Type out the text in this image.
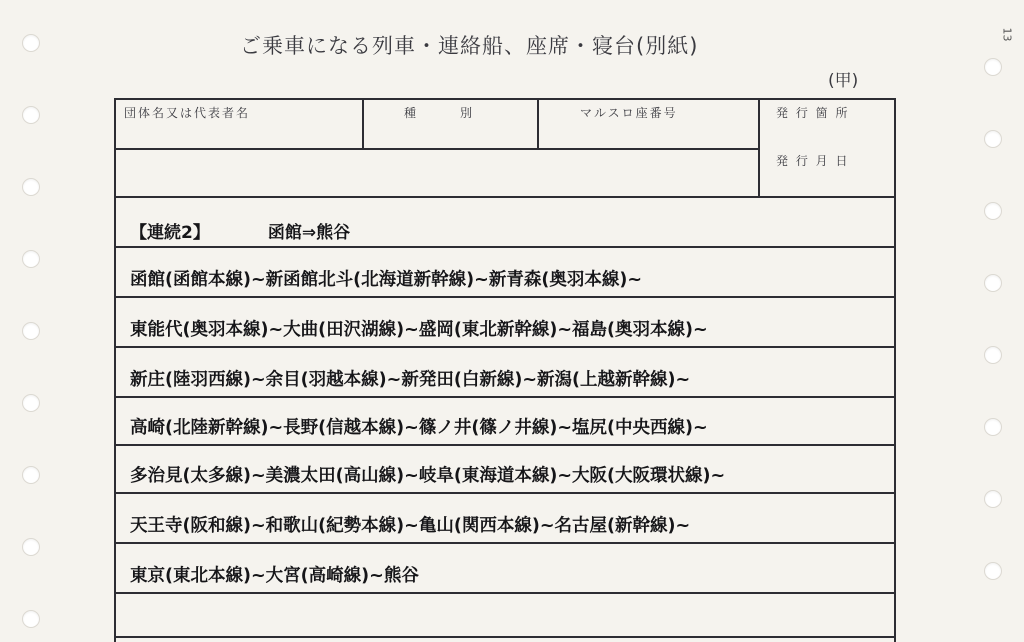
ご乗車になる列車・連絡船、座席・寝台(別紙)
(甲)
13
団体名又は代表者名	種　　　別	マルスロ座番号	発 行 箇 所
発 行 月 日
【連続2】	函館⇒熊谷
函館(函館本線)~新函館北斗(北海道新幹線)~新青森(奥羽本線)~
東能代(奥羽本線)~大曲(田沢湖線)~盛岡(東北新幹線)~福島(奥羽本線)~
新庄(陸羽西線)~余目(羽越本線)~新発田(白新線)~新潟(上越新幹線)~
高崎(北陸新幹線)~長野(信越本線)~篠ノ井(篠ノ井線)~塩尻(中央西線)~
多治見(太多線)~美濃太田(高山線)~岐阜(東海道本線)~大阪(大阪環状線)~
天王寺(阪和線)~和歌山(紀勢本線)~亀山(関西本線)~名古屋(新幹線)~
東京(東北本線)~大宮(高崎線)~熊谷
